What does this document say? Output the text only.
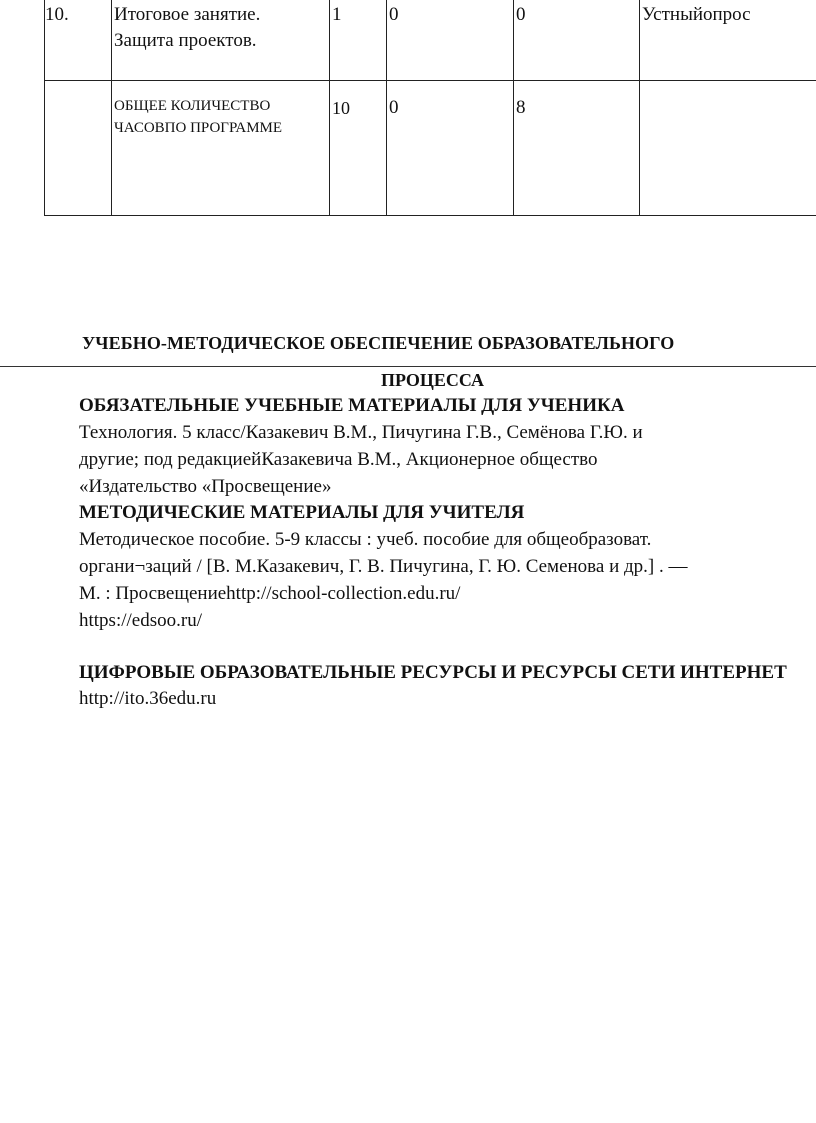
10.	Итоговое занятие.
Защита проектов.	1	0	0	Устныйопрос

	ОБЩЕЕ КОЛИЧЕСТВО
ЧАСОВПО ПРОГРАММЕ	10	0	8	
УЧЕБНО-МЕТОДИЧЕСКОЕ ОБЕСПЕЧЕНИЕ ОБРАЗОВАТЕЛЬНОГО
ПРОЦЕССА

ОБЯЗАТЕЛЬНЫЕ УЧЕБНЫЕ МАТЕРИАЛЫ ДЛЯ УЧЕНИКА

Технология. 5 класс/Казакевич В.М., Пичугина Г.В., Семёнова Г.Ю. и

другие; под редакциейКазакевича В.М., Акционерное общество

«Издательство «Просвещение»

МЕТОДИЧЕСКИЕ МАТЕРИАЛЫ ДЛЯ УЧИТЕЛЯ

Методическое пособие. 5-9 классы : учеб. пособие для общеобразоват.

органи¬заций / [В. М.Казакевич, Г. В. Пичугина, Г. Ю. Семенова и др.] . —

М. : Просвещениеhttp://school-collection.edu.ru/

https://edsoo.ru/

ЦИФРОВЫЕ ОБРАЗОВАТЕЛЬНЫЕ РЕСУРСЫ И РЕСУРСЫ СЕТИ ИНТЕРНЕТ

http://ito.36edu.ru
